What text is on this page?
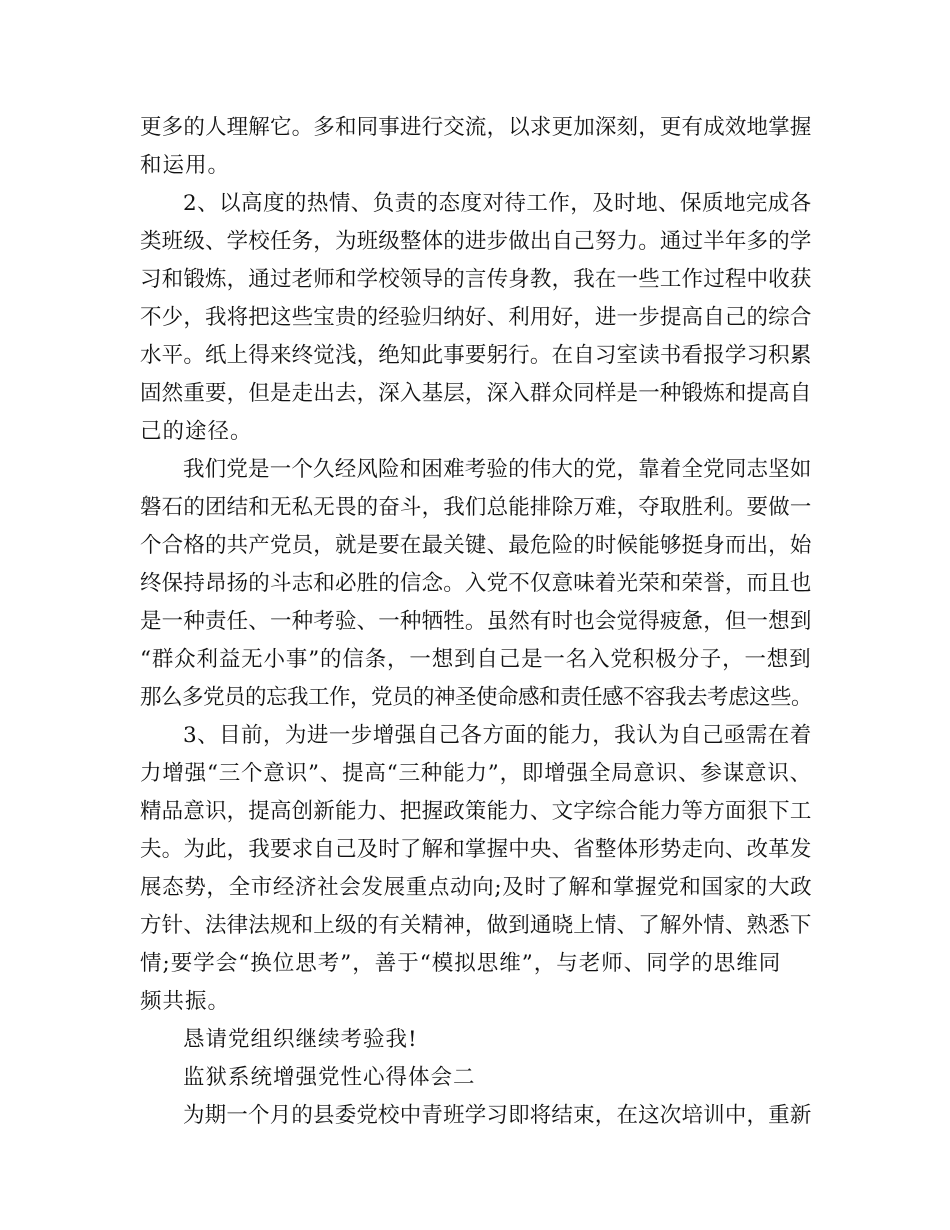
更多的人理解它。多和同事进行交流，以求更加深刻，更有成效地掌握

和运用。

2、以高度的热情、负责的态度对待工作，及时地、保质地完成各

类班级、学校任务，为班级整体的进步做出自己努力。通过半年多的学

习和锻炼，通过老师和学校领导的言传身教，我在一些工作过程中收获

不少，我将把这些宝贵的经验归纳好、利用好，进一步提高自己的综合

水平。纸上得来终觉浅，绝知此事要躬行。在自习室读书看报学习积累

固然重要，但是走出去，深入基层，深入群众同样是一种锻炼和提高自

己的途径。

我们党是一个久经风险和困难考验的伟大的党，靠着全党同志坚如

磐石的团结和无私无畏的奋斗，我们总能排除万难，夺取胜利。要做一

个合格的共产党员，就是要在最关键、最危险的时候能够挺身而出，始

终保持昂扬的斗志和必胜的信念。入党不仅意味着光荣和荣誉，而且也

是一种责任、一种考验、一种牺牲。虽然有时也会觉得疲惫，但一想到

“群众利益无小事”的信条，一想到自己是一名入党积极分子，一想到

那么多党员的忘我工作，党员的神圣使命感和责任感不容我去考虑这些。

3、目前，为进一步增强自己各方面的能力，我认为自己亟需在着

力增强“三个意识”、提高“三种能力”，即增强全局意识、参谋意识、

精品意识，提高创新能力、把握政策能力、文字综合能力等方面狠下工

夫。为此，我要求自己及时了解和掌握中央、省整体形势走向、改革发

展态势，全市经济社会发展重点动向;及时了解和掌握党和国家的大政

方针、法律法规和上级的有关精神，做到通晓上情、了解外情、熟悉下

情;要学会“换位思考”，善于“模拟思维”，与老师、同学的思维同

频共振。

恳请党组织继续考验我!

监狱系统增强党性心得体会二

为期一个月的县委党校中青班学习即将结束，在这次培训中，重新
